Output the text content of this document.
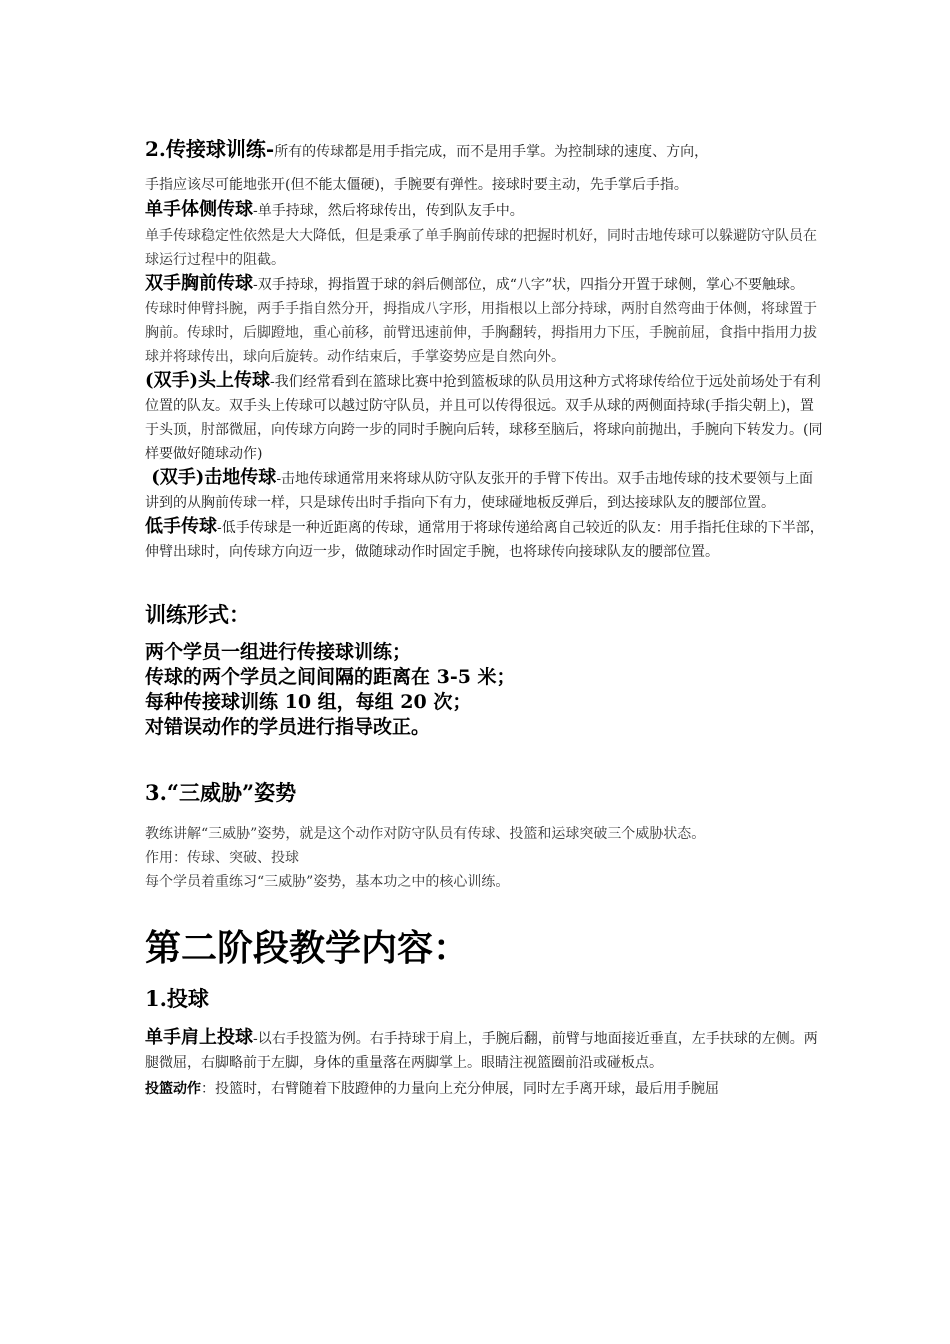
2.传接球训练-所有的传球都是用手指完成，而不是用手掌。为控制球的速度、方向，

手指应该尽可能地张开(但不能太僵硬)，手腕要有弹性。接球时要主动，先手掌后手指。

单手体侧传球-单手持球，然后将球传出，传到队友手中。

单手传球稳定性依然是大大降低，但是秉承了单手胸前传球的把握时机好，同时击地传球可以躲避防守队员在球运行过程中的阻截。

双手胸前传球-双手持球，拇指置于球的斜后侧部位，成“八字”状，四指分开置于球侧，掌心不要触球。

传球时伸臂抖腕，两手手指自然分开，拇指成八字形，用指根以上部分持球，两肘自然弯曲于体侧，将球置于胸前。传球时，后脚蹬地，重心前移，前臂迅速前伸，手胸翻转，拇指用力下压，手腕前屈，食指中指用力拔球并将球传出，球向后旋转。动作结束后，手掌姿势应是自然向外。

(双手)头上传球-我们经常看到在篮球比赛中抢到篮板球的队员用这种方式将球传给位于远处前场处于有利位置的队友。双手头上传球可以越过防守队员，并且可以传得很远。双手从球的两侧面持球(手指尖朝上)，置于头顶，肘部微屈，向传球方向跨一步的同时手腕向后转，球移至脑后，将球向前抛出，手腕向下转发力。(同样要做好随球动作)

(双手)击地传球-击地传球通常用来将球从防守队友张开的手臂下传出。双手击地传球的技术要领与上面讲到的从胸前传球一样，只是球传出时手指向下有力，使球碰地板反弹后，到达接球队友的腰部位置。

低手传球-低手传球是一种近距离的传球，通常用于将球传递给离自己较近的队友：用手指托住球的下半部，伸臂出球时，向传球方向迈一步，做随球动作时固定手腕，也将球传向接球队友的腰部位置。

训练形式：

两个学员一组进行传接球训练；

传球的两个学员之间间隔的距离在 3-5 米；

每种传接球训练 10 组，每组 20 次；

对错误动作的学员进行指导改正。

3.“三威胁”姿势

教练讲解“三威胁”姿势，就是这个动作对防守队员有传球、投篮和运球突破三个威胁状态。

作用：传球、突破、投球

每个学员着重练习“三威胁”姿势，基本功之中的核心训练。

第二阶段教学内容：

1.投球

单手肩上投球-以右手投篮为例。右手持球于肩上，手腕后翻，前臂与地面接近垂直，左手扶球的左侧。两腿微屈，右脚略前于左脚，身体的重量落在两脚掌上。眼睛注视篮圈前沿或碰板点。

投篮动作：投篮时，右臂随着下肢蹬伸的力量向上充分伸展，同时左手离开球，最后用手腕屈
